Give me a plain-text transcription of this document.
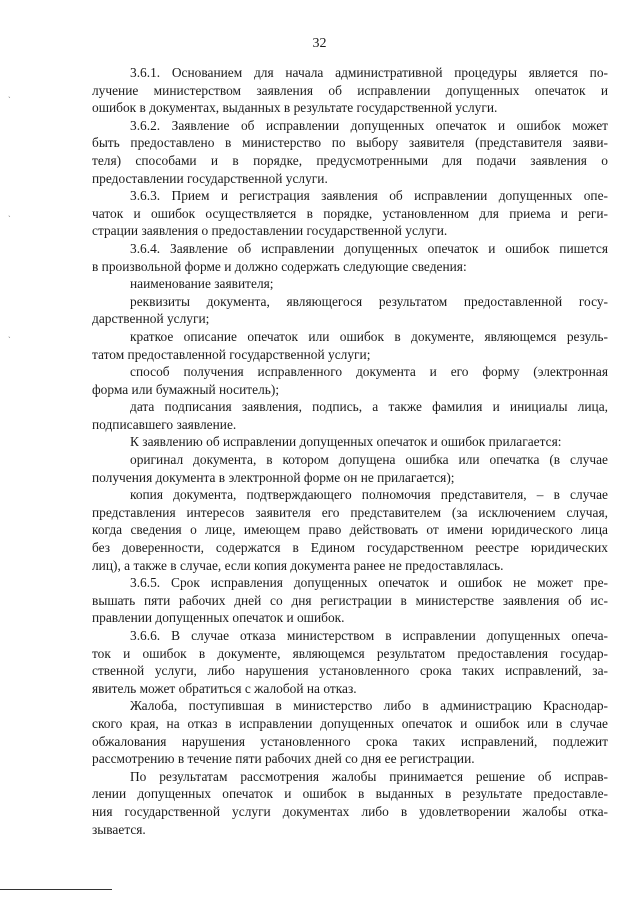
32
ˏ
ˏ
ˏ
3.6.1. Основанием для начала административной процедуры является по-
лучение министерством заявления об исправлении допущенных опечаток и
ошибок в документах, выданных в результате государственной услуги.
3.6.2. Заявление об исправлении допущенных опечаток и ошибок может
быть предоставлено в министерство по выбору заявителя (представителя заяви-
теля) способами и в порядке, предусмотренными для подачи заявления о
предоставлении государственной услуги.
3.6.3. Прием и регистрация заявления об исправлении допущенных опе-
чаток и ошибок осуществляется в порядке, установленном для приема и реги-
страции заявления о предоставлении государственной услуги.
3.6.4. Заявление об исправлении допущенных опечаток и ошибок пишется
в произвольной форме и должно содержать следующие сведения:
наименование заявителя;
реквизиты документа, являющегося результатом предоставленной госу-
дарственной услуги;
краткое описание опечаток или ошибок в документе, являющемся резуль-
татом предоставленной государственной услуги;
способ получения исправленного документа и его форму (электронная
форма или бумажный носитель);
дата подписания заявления, подпись, а также фамилия и инициалы лица,
подписавшего заявление.
К заявлению об исправлении допущенных опечаток и ошибок прилагается:
оригинал документа, в котором допущена ошибка или опечатка (в случае
получения документа в электронной форме он не прилагается);
копия документа, подтверждающего полномочия представителя, – в случае
представления интересов заявителя его представителем (за исключением случая,
когда сведения о лице, имеющем право действовать от имени юридического лица
без доверенности, содержатся в Едином государственном реестре юридических
лиц), а также в случае, если копия документа ранее не предоставлялась.
3.6.5. Срок исправления допущенных опечаток и ошибок не может пре-
вышать пяти рабочих дней со дня регистрации в министерстве заявления об ис-
правлении допущенных опечаток и ошибок.
3.6.6. В случае отказа министерством в исправлении допущенных опеча-
ток и ошибок в документе, являющемся результатом предоставления государ-
ственной услуги, либо нарушения установленного срока таких исправлений, за-
явитель может обратиться с жалобой на отказ.
Жалоба, поступившая в министерство либо в администрацию Краснодар-
ского края, на отказ в исправлении допущенных опечаток и ошибок или в случае
обжалования нарушения установленного срока таких исправлений, подлежит
рассмотрению в течение пяти рабочих дней со дня ее регистрации.
По результатам рассмотрения жалобы принимается решение об исправ-
лении допущенных опечаток и ошибок в выданных в результате предоставле-
ния государственной услуги документах либо в удовлетворении жалобы отка-
зывается.
